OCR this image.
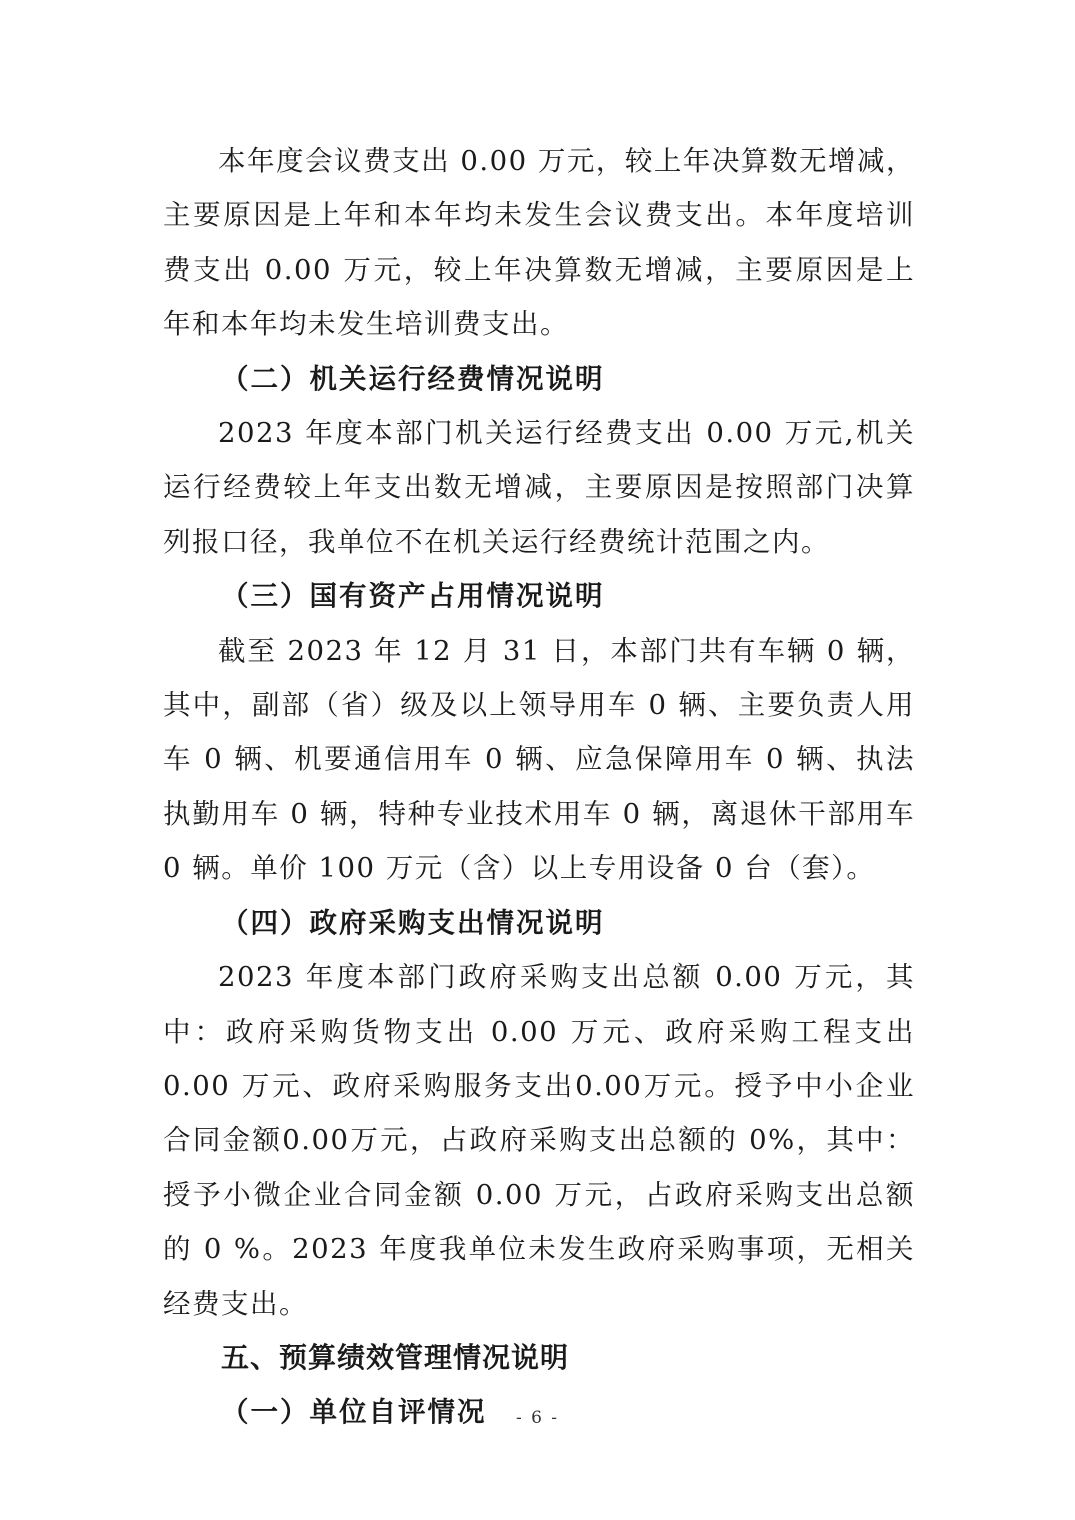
本年度会议费支出 0.00 万元，较上年决算数无增减，主要原因是上年和本年均未发生会议费支出。本年度培训费支出 0.00 万元，较上年决算数无增减，主要原因是上年和本年均未发生培训费支出。

（二）机关运行经费情况说明

2023 年度本部门机关运行经费支出 0.00 万元,机关运行经费较上年支出数无增减，主要原因是按照部门决算列报口径，我单位不在机关运行经费统计范围之内。

（三）国有资产占用情况说明

截至 2023 年 12 月 31 日，本部门共有车辆 0 辆，其中，副部（省）级及以上领导用车 0 辆、主要负责人用车 0 辆、机要通信用车 0 辆、应急保障用车 0 辆、执法执勤用车 0 辆，特种专业技术用车 0 辆，离退休干部用车 0 辆。单价 100 万元（含）以上专用设备 0 台（套）。

（四）政府采购支出情况说明

2023 年度本部门政府采购支出总额 0.00 万元，其中：政府采购货物支出 0.00 万元、政府采购工程支出 0.00 万元、政府采购服务支出0.00万元。授予中小企业合同金额0.00万元，占政府采购支出总额的 0%，其中：授予小微企业合同金额 0.00 万元，占政府采购支出总额的 0 %。2023 年度我单位未发生政府采购事项，无相关经费支出。

五、预算绩效管理情况说明

（一）单位自评情况	- 6 -
